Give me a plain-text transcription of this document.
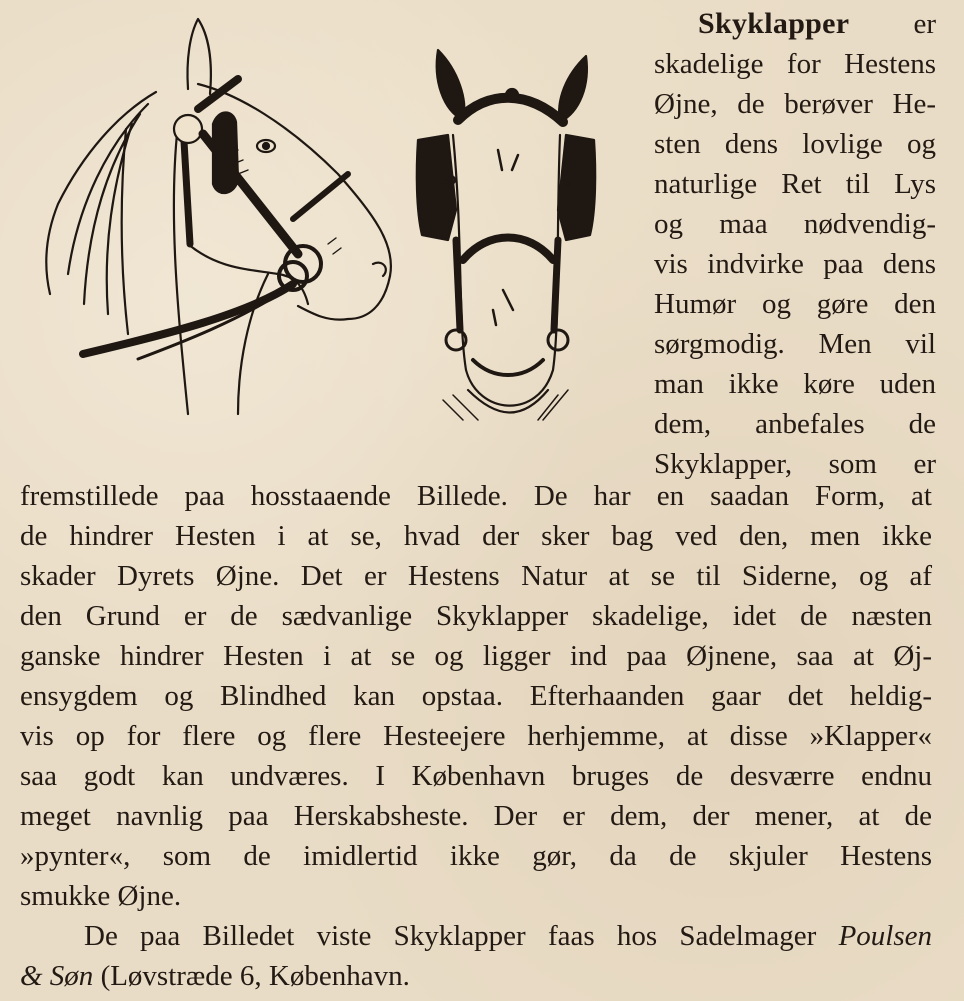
Skyklapper er
skadelige for Hestens
Øjne, de berøver He-
sten dens lovlige og
naturlige Ret til Lys
og maa nødvendig-
vis indvirke paa dens
Humør og gøre den
sørgmodig. Men vil
man ikke køre uden
dem, anbefales de
Skyklapper, som er
fremstillede paa hosstaaende Billede. De har en saadan Form, at
de hindrer Hesten i at se, hvad der sker bag ved den, men ikke
skader Dyrets Øjne. Det er Hestens Natur at se til Siderne, og af
den Grund er de sædvanlige Skyklapper skadelige, idet de næsten
ganske hindrer Hesten i at se og ligger ind paa Øjnene, saa at Øj-
ensygdem og Blindhed kan opstaa. Efterhaanden gaar det heldig-
vis op for flere og flere Hesteejere herhjemme, at disse »Klapper«
saa godt kan undværes. I København bruges de desværre endnu
meget navnlig paa Herskabsheste. Der er dem, der mener, at de
»pynter«, som de imidlertid ikke gør, da de skjuler Hestens
smukke Øjne.
De paa Billedet viste Skyklapper faas hos Sadelmager Poulsen
& Søn (Løvstræde 6, København.
